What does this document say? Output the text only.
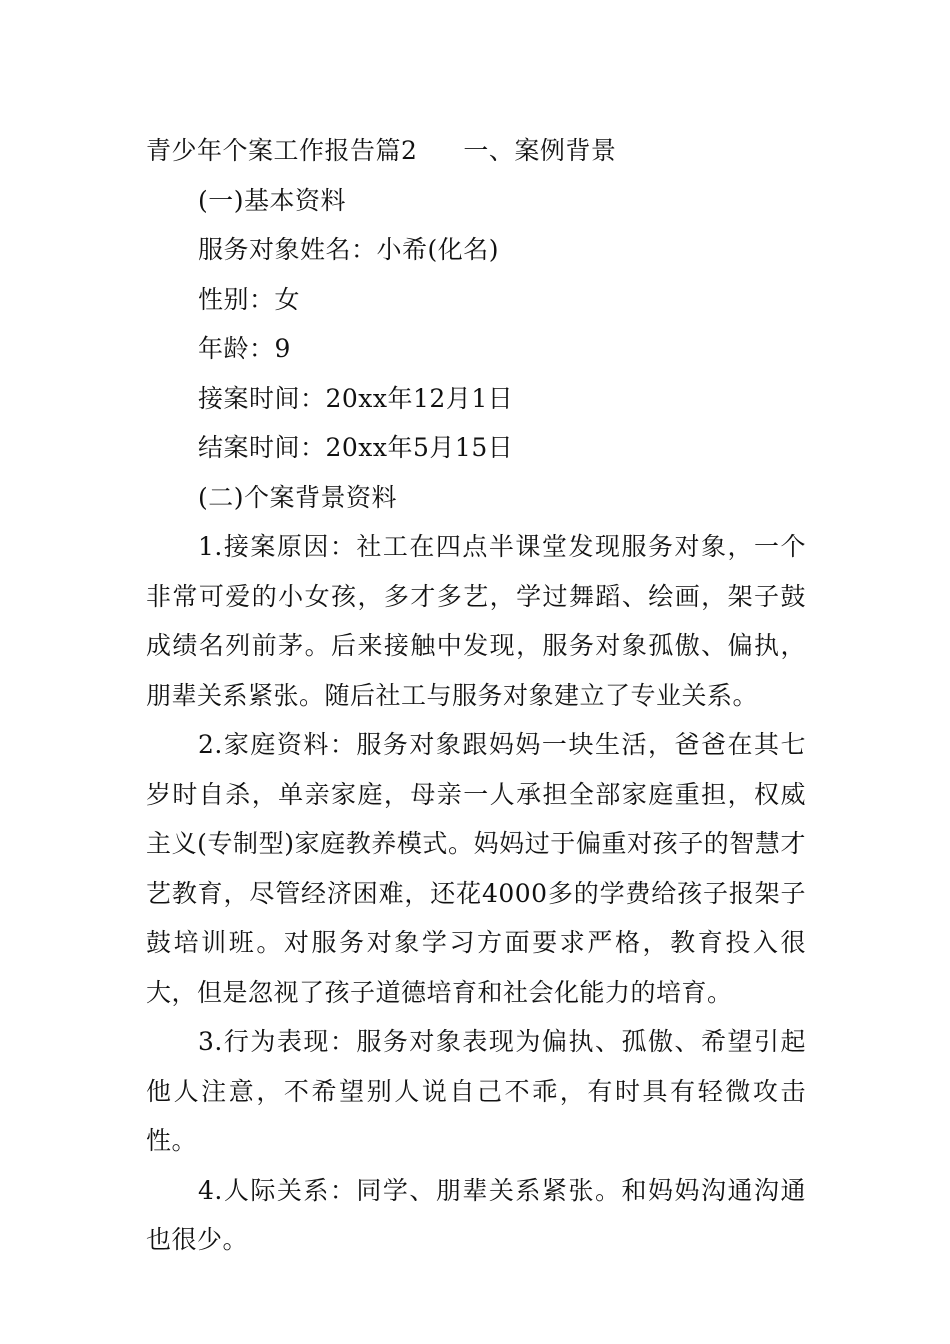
青少年个案工作报告篇2 一、案例背景
(一)基本资料
服务对象姓名：小希(化名)
性别：女
年龄：9
接案时间：20xx年12月1日
结案时间：20xx年5月15日
(二)个案背景资料
1.接案原因：社工在四点半课堂发现服务对象，一个非常可爱的小女孩，多才多艺，学过舞蹈、绘画，架子鼓成绩名列前茅。后来接触中发现，服务对象孤傲、偏执，朋辈关系紧张。随后社工与服务对象建立了专业关系。
2.家庭资料：服务对象跟妈妈一块生活，爸爸在其七岁时自杀，单亲家庭，母亲一人承担全部家庭重担，权威主义(专制型)家庭教养模式。妈妈过于偏重对孩子的智慧才艺教育，尽管经济困难，还花4000多的学费给孩子报架子鼓培训班。对服务对象学习方面要求严格，教育投入很大，但是忽视了孩子道德培育和社会化能力的培育。
3.行为表现：服务对象表现为偏执、孤傲、希望引起他人注意，不希望别人说自己不乖，有时具有轻微攻击性。
4.人际关系：同学、朋辈关系紧张。和妈妈沟通沟通也很少。
